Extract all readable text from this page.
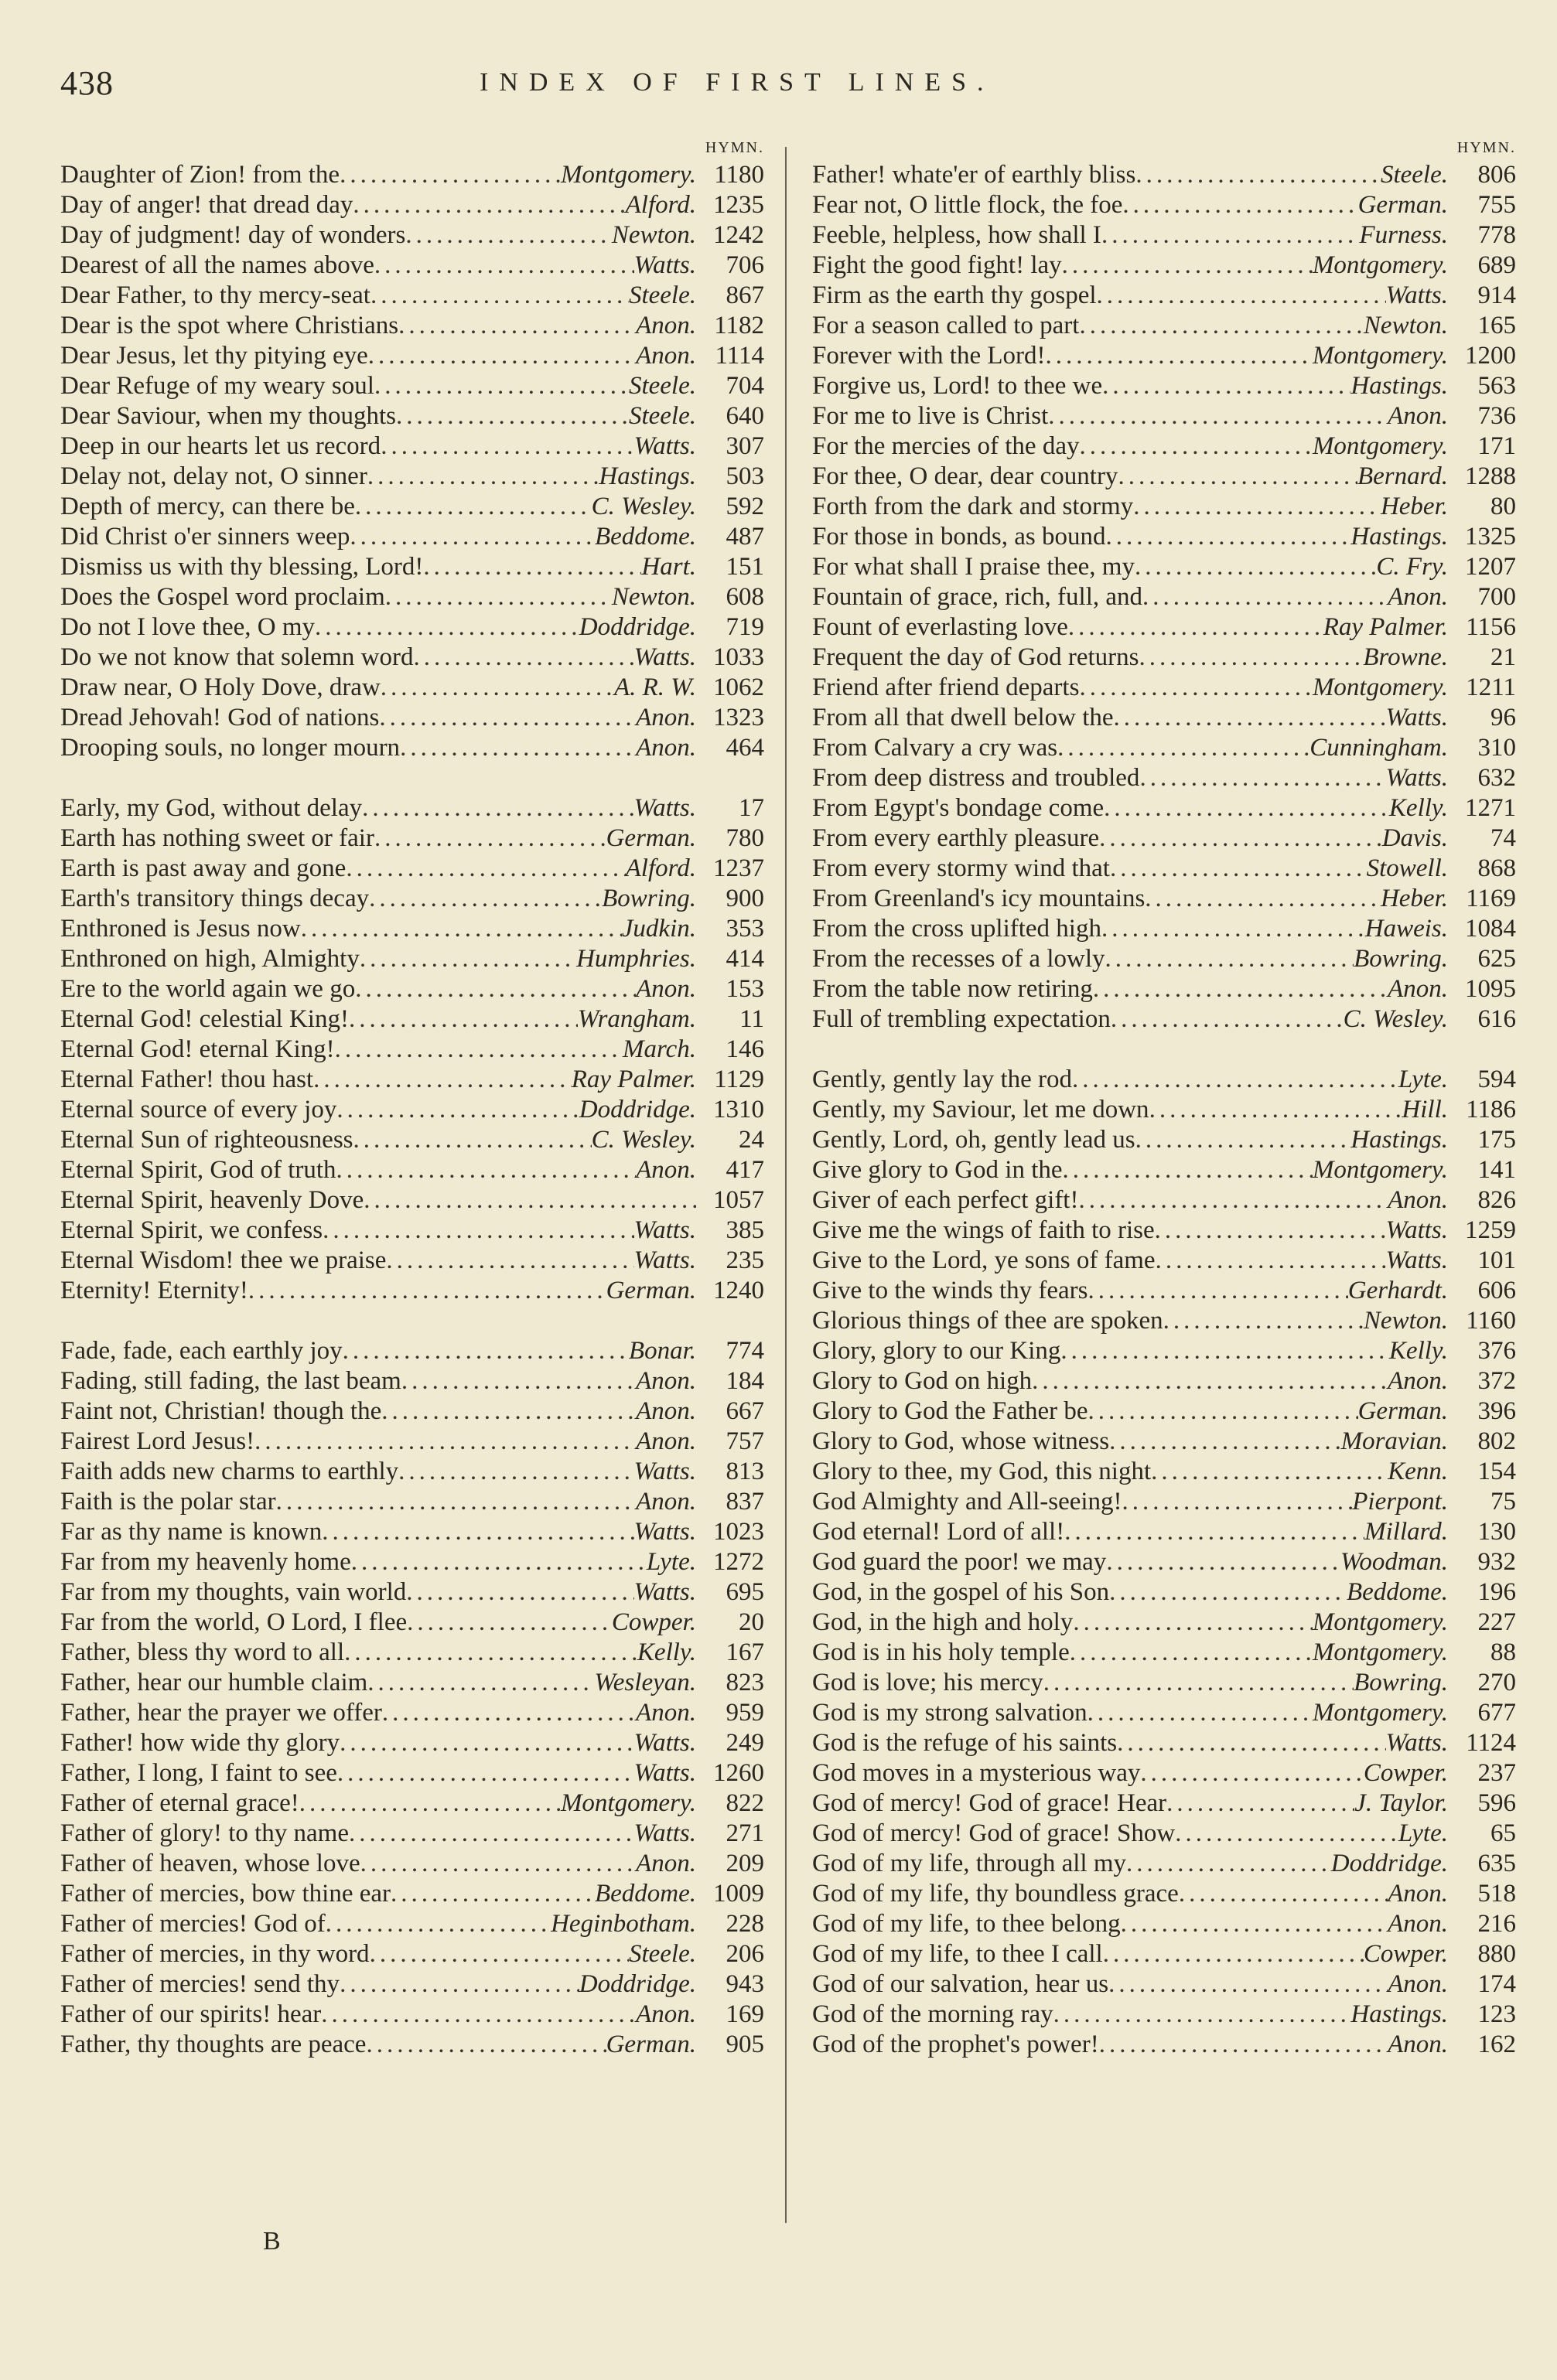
438	INDEX OF FIRST LINES.
HYMN.
Daughter of Zion! from the .....	Montgomery. 1180
Day of anger! that dread day .....	Alford. 1235
Day of judgment! day of wonders .....	Newton. 1242
Dearest of all the names above .....	Watts.	706
Dear Father, to thy mercy-seat .....	Steele.	867
Dear is the spot where Christians .....	Anon. 1182
Dear Jesus, let thy pitying eye .....	Anon. 1114
Dear Refuge of my weary soul .....	Steele.	704
Dear Saviour, when my thoughts .....	Steele.	640
Deep in our hearts let us record .....	Watts.	307
Delay not, delay not, O sinner .....	Hastings.	503
Depth of mercy, can there be .....	C. Wesley.	592
Did Christ o'er sinners weep .....	Beddome.	487
Dismiss us with thy blessing, Lord! .....	Hart.	151
Does the Gospel word proclaim .....	Newton.	608
Do not I love thee, O my .....	Doddridge.	719
Do we not know that solemn word .....	Watts. 1033
Draw near, O Holy Dove, draw .....	A. R. W. 1062
Dread Jehovah! God of nations .....	Anon. 1323
Drooping souls, no longer mourn .....	Anon.	464
Early, my God, without delay .....	Watts.	17
Earth has nothing sweet or fair .....	German.	780
Earth is past away and gone .....	Alford. 1237
Earth's transitory things decay .....	Bowring.	900
Enthroned is Jesus now .....	Judkin.	353
Enthroned on high, Almighty .....	Humphries.	414
Ere to the world again we go .....	Anon.	153
Eternal God! celestial King! .....	Wrangham.	11
Eternal God! eternal King! .....	March.	146
Eternal Father! thou hast .....	Ray Palmer. 1129
Eternal source of every joy .....	Doddridge. 1310
Eternal Sun of righteousness .....	C. Wesley.	24
Eternal Spirit, God of truth .....	Anon.	417
Eternal Spirit, heavenly Dove .....	1057
Eternal Spirit, we confess .....	Watts.	385
Eternal Wisdom! thee we praise .....	Watts.	235
Eternity! Eternity! .....	German. 1240
Fade, fade, each earthly joy .....	Bonar.	774
Fading, still fading, the last beam .....	Anon.	184
Faint not, Christian! though the .....	Anon.	667
Fairest Lord Jesus! .....	Anon.	757
Faith adds new charms to earthly .....	Watts.	813
Faith is the polar star .....	Anon.	837
Far as thy name is known .....	Watts. 1023
Far from my heavenly home .....	Lyte. 1272
Far from my thoughts, vain world .....	Watts.	695
Far from the world, O Lord, I flee .....	Cowper.	20
Father, bless thy word to all .....	Kelly.	167
Father, hear our humble claim .....	Wesleyan.	823
Father, hear the prayer we offer .....	Anon.	959
Father! how wide thy glory .....	Watts.	249
Father, I long, I faint to see .....	Watts. 1260
Father of eternal grace! .....	Montgomery.	822
Father of glory! to thy name .....	Watts.	271
Father of heaven, whose love .....	Anon.	209
Father of mercies, bow thine ear .....	Beddome. 1009
Father of mercies! God of .....	Heginbotham.	228
Father of mercies, in thy word .....	Steele.	206
Father of mercies! send thy .....	Doddridge.	943
Father of our spirits! hear .....	Anon.	169
Father, thy thoughts are peace .....	German.	905
HYMN.
Father! whate'er of earthly bliss .....	Steele.	806
Fear not, O little flock, the foe .....	German.	755
Feeble, helpless, how shall I .....	Furness.	778
Fight the good fight! lay .....	Montgomery.	689
Firm as the earth thy gospel .....	Watts.	914
For a season called to part .....	Newton.	165
Forever with the Lord! .....	Montgomery. 1200
Forgive us, Lord! to thee we .....	Hastings.	563
For me to live is Christ .....	Anon.	736
For the mercies of the day .....	Montgomery.	171
For thee, O dear, dear country .....	Bernard. 1288
Forth from the dark and stormy .....	Heber.	80
For those in bonds, as bound .....	Hastings. 1325
For what shall I praise thee, my .....	C. Fry. 1207
Fountain of grace, rich, full, and .....	Anon.	700
Fount of everlasting love .....	Ray Palmer. 1156
Frequent the day of God returns .....	Browne.	21
Friend after friend departs .....	Montgomery. 1211
From all that dwell below the .....	Watts.	96
From Calvary a cry was .....	Cunningham.	310
From deep distress and troubled .....	Watts.	632
From Egypt's bondage come .....	Kelly. 1271
From every earthly pleasure .....	Davis.	74
From every stormy wind that .....	Stowell.	868
From Greenland's icy mountains .....	Heber. 1169
From the cross uplifted high .....	Haweis. 1084
From the recesses of a lowly .....	Bowring.	625
From the table now retiring .....	Anon. 1095
Full of trembling expectation .....	C. Wesley.	616
Gently, gently lay the rod .....	Lyte.	594
Gently, my Saviour, let me down .....	Hill. 1186
Gently, Lord, oh, gently lead us .....	Hastings.	175
Give glory to God in the .....	Montgomery.	141
Giver of each perfect gift! .....	Anon.	826
Give me the wings of faith to rise .....	Watts. 1259
Give to the Lord, ye sons of fame .....	Watts.	101
Give to the winds thy fears .....	Gerhardt.	606
Glorious things of thee are spoken .....	Newton. 1160
Glory, glory to our King .....	Kelly.	376
Glory to God on high .....	Anon.	372
Glory to God the Father be .....	German.	396
Glory to God, whose witness .....	Moravian.	802
Glory to thee, my God, this night .....	Kenn.	154
God Almighty and All-seeing! .....	Pierpont.	75
God eternal! Lord of all! .....	Millard.	130
God guard the poor! we may .....	Woodman.	932
God, in the gospel of his Son .....	Beddome.	196
God, in the high and holy .....	Montgomery.	227
God is in his holy temple .....	Montgomery.	88
God is love; his mercy .....	Bowring.	270
God is my strong salvation .....	Montgomery.	677
God is the refuge of his saints .....	Watts. 1124
God moves in a mysterious way .....	Cowper.	237
God of mercy! God of grace! Hear .....	J. Taylor.	596
God of mercy! God of grace! Show .....	Lyte.	65
God of my life, through all my .....	Doddridge.	635
God of my life, thy boundless grace .....	Anon.	518
God of my life, to thee belong .....	Anon.	216
God of my life, to thee I call .....	Cowper.	880
God of our salvation, hear us .....	Anon.	174
God of the morning ray .....	Hastings.	123
God of the prophet's power! .....	Anon.	162
B
